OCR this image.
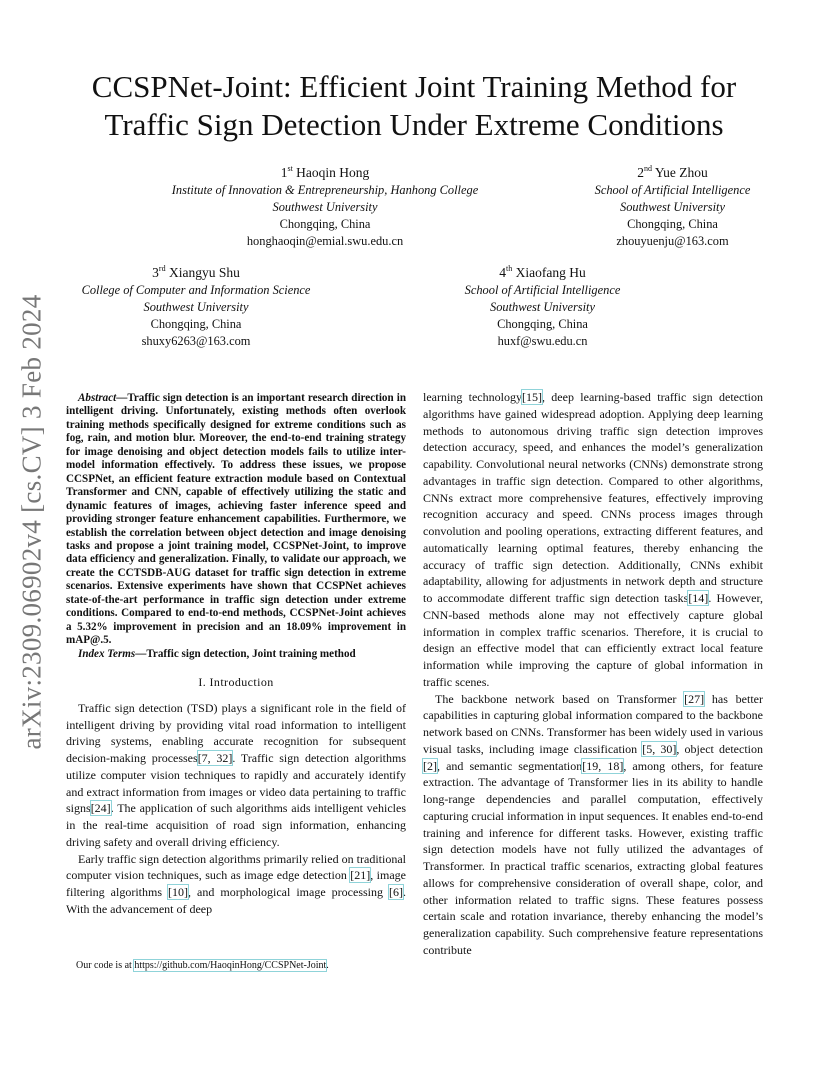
arXiv:2309.06902v4 [cs.CV] 3 Feb 2024
CCSPNet-Joint: Efficient Joint Training Method for
Traffic Sign Detection Under Extreme Conditions
1st Haoqin Hong
Institute of Innovation & Entrepreneurship, Hanhong College
Southwest University
Chongqing, China
honghaoqin@emial.swu.edu.cn
2nd Yue Zhou
School of Artificial Intelligence
Southwest University
Chongqing, China
zhouyuenju@163.com
3rd Xiangyu Shu
College of Computer and Information Science
Southwest University
Chongqing, China
shuxy6263@163.com
4th Xiaofang Hu
School of Artificial Intelligence
Southwest University
Chongqing, China
huxf@swu.edu.cn

Abstract—Traffic sign detection is an important research direction in intelligent driving. Unfortunately, existing methods often overlook training methods specifically designed for extreme conditions such as fog, rain, and motion blur. Moreover, the end-to-end training strategy for image denoising and object detection models fails to utilize inter-model information effectively. To address these issues, we propose CCSPNet, an efficient feature extraction module based on Contextual Transformer and CNN, capable of effectively utilizing the static and dynamic features of images, achieving faster inference speed and providing stronger feature enhancement capabilities. Furthermore, we establish the correlation between object detection and image denoising tasks and propose a joint training model, CCSPNet-Joint, to improve data efficiency and generalization. Finally, to validate our approach, we create the CCTSDB-AUG dataset for traffic sign detection in extreme scenarios. Extensive experiments have shown that CCSPNet achieves state-of-the-art performance in traffic sign detection under extreme conditions. Compared to end-to-end methods, CCSPNet-Joint achieves a 5.32% improvement in precision and an 18.09% improvement in mAP@.5.

Index Terms—Traffic sign detection, Joint training method

I. Introduction

Traffic sign detection (TSD) plays a significant role in the field of intelligent driving by providing vital road information to intelligent driving systems, enabling accurate recognition for subsequent decision-making processes[7, 32]. Traffic sign detection algorithms utilize computer vision techniques to rapidly and accurately identify and extract information from images or video data pertaining to traffic signs[24]. The application of such algorithms aids intelligent vehicles in the real-time acquisition of road sign information, enhancing driving safety and overall driving efficiency.

Early traffic sign detection algorithms primarily relied on traditional computer vision techniques, such as image edge detection [21], image filtering algorithms [10], and morphological image processing [6]. With the advancement of deep

Our code is at https://github.com/HaoqinHong/CCSPNet-Joint.

learning technology[15], deep learning-based traffic sign detection algorithms have gained widespread adoption. Applying deep learning methods to autonomous driving traffic sign detection improves detection accuracy, speed, and enhances the model’s generalization capability. Convolutional neural networks (CNNs) demonstrate strong advantages in traffic sign detection. Compared to other algorithms, CNNs extract more comprehensive features, effectively improving recognition accuracy and speed. CNNs process images through convolution and pooling operations, extracting different features, and automatically learning optimal features, thereby enhancing the accuracy of traffic sign detection. Additionally, CNNs exhibit adaptability, allowing for adjustments in network depth and structure to accommodate different traffic sign detection tasks[14]. However, CNN-based methods alone may not effectively capture global information in complex traffic scenarios. Therefore, it is crucial to design an effective model that can efficiently extract local feature information while improving the capture of global information in traffic scenes.

The backbone network based on Transformer [27] has better capabilities in capturing global information compared to the backbone network based on CNNs. Transformer has been widely used in various visual tasks, including image classification [5, 30], object detection [2], and semantic segmentation[19, 18], among others, for feature extraction. The advantage of Transformer lies in its ability to handle long-range dependencies and parallel computation, effectively capturing crucial information in input sequences. It enables end-to-end training and inference for different tasks. However, existing traffic sign detection models have not fully utilized the advantages of Transformer. In practical traffic scenarios, extracting global features allows for comprehensive consideration of overall shape, color, and other information related to traffic signs. These features possess certain scale and rotation invariance, thereby enhancing the model’s generalization capability. Such comprehensive feature representations contribute
